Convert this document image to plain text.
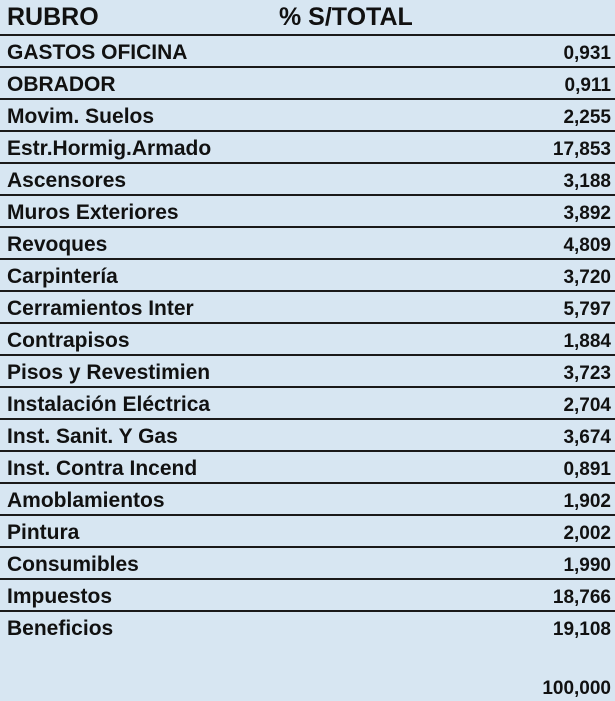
RUBRO	% S/TOTAL
GASTOS OFICINA	0,931
OBRADOR	0,911
Movim. Suelos	2,255
Estr.Hormig.Armado	17,853
Ascensores	3,188
Muros Exteriores	3,892
Revoques	4,809
Carpintería	3,720
Cerramientos Inter	5,797
Contrapisos	1,884
Pisos y Revestimien	3,723
Instalación Eléctrica	2,704
Inst. Sanit. Y Gas	3,674
Inst. Contra Incend	0,891
Amoblamientos	1,902
Pintura	2,002
Consumibles	1,990
Impuestos	18,766
Beneficios	19,108
100,000
